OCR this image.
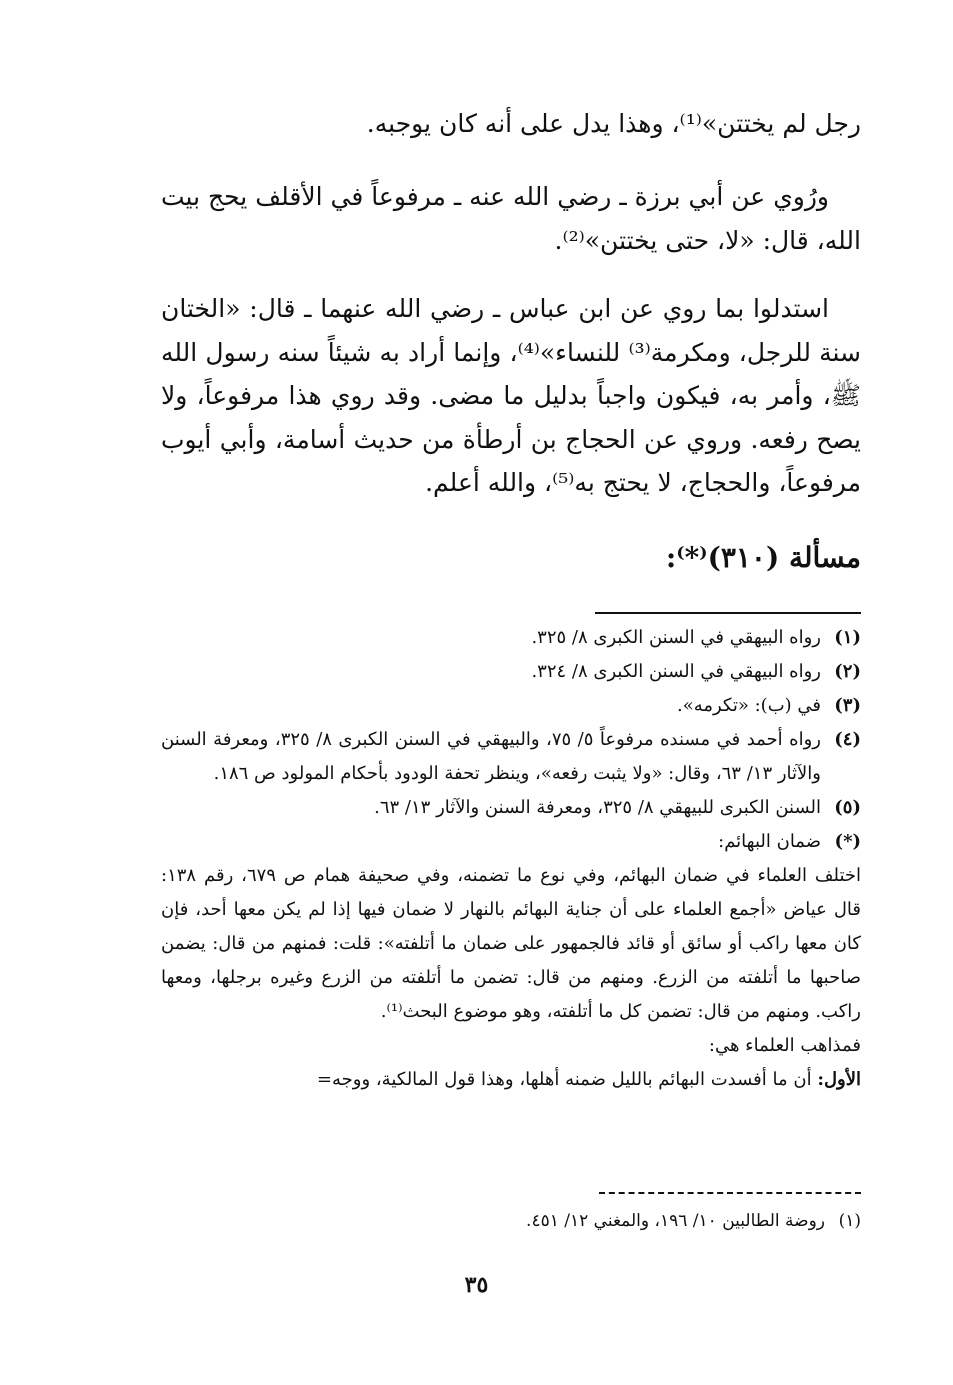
رجل لم يختتن»⁽¹⁾، وهذا يدل على أنه كان يوجبه.

ورُوي عن أبي برزة ـ رضي الله عنه ـ مرفوعاً في الأقلف يحج بيت الله، قال: «لا، حتى يختتن»⁽²⁾.

استدلوا بما روي عن ابن عباس ـ رضي الله عنهما ـ قال: «الختان سنة للرجل، ومكرمة⁽³⁾ للنساء»⁽⁴⁾، وإنما أراد به شيئاً سنه رسول الله ﷺ، وأمر به، فيكون واجباً بدليل ما مضى. وقد روي هذا مرفوعاً، ولا يصح رفعه. وروي عن الحجاج بن أرطأة من حديث أسامة، وأبي أيوب مرفوعاً، والحجاج، لا يحتج به⁽⁵⁾، والله أعلم.

مسألة (٣١٠)⁽*⁾:
(١)
رواه البيهقي في السنن الكبرى ٨/ ٣٢٥.
(٢)
رواه البيهقي في السنن الكبرى ٨/ ٣٢٤.
(٣)
في (ب): «تكرمه».
(٤)
رواه أحمد في مسنده مرفوعاً ٥/ ٧٥، والبيهقي في السنن الكبرى ٨/ ٣٢٥، ومعرفة السنن والآثار ١٣/ ٦٣، وقال: «ولا يثبت رفعه»، وينظر تحفة الودود بأحكام المولود ص ١٨٦.
(٥)
السنن الكبرى للبيهقي ٨/ ٣٢٥، ومعرفة السنن والآثار ١٣/ ٦٣.
(*)
ضمان البهائم:
اختلف العلماء في ضمان البهائم، وفي نوع ما تضمنه، وفي صحيفة همام ص ٦٧٩، رقم ١٣٨: قال عياض «أجمع العلماء على أن جناية البهائم بالنهار لا ضمان فيها إذا لم يكن معها أحد، فإن كان معها راكب أو سائق أو قائد فالجمهور على ضمان ما أتلفته»: قلت: فمنهم من قال: يضمن صاحبها ما أتلفته من الزرع. ومنهم من قال: تضمن ما أتلفته من الزرع وغيره برجلها، ومعها راكب. ومنهم من قال: تضمن كل ما أتلفته، وهو موضوع البحث⁽¹⁾.
فمذاهب العلماء هي:
الأول: أن ما أفسدت البهائم بالليل ضمنه أهلها، وهذا قول المالكية، ووجه=
(١)
روضة الطالبين ١٠/ ١٩٦، والمغني ١٢/ ٤٥١.
٣٥
